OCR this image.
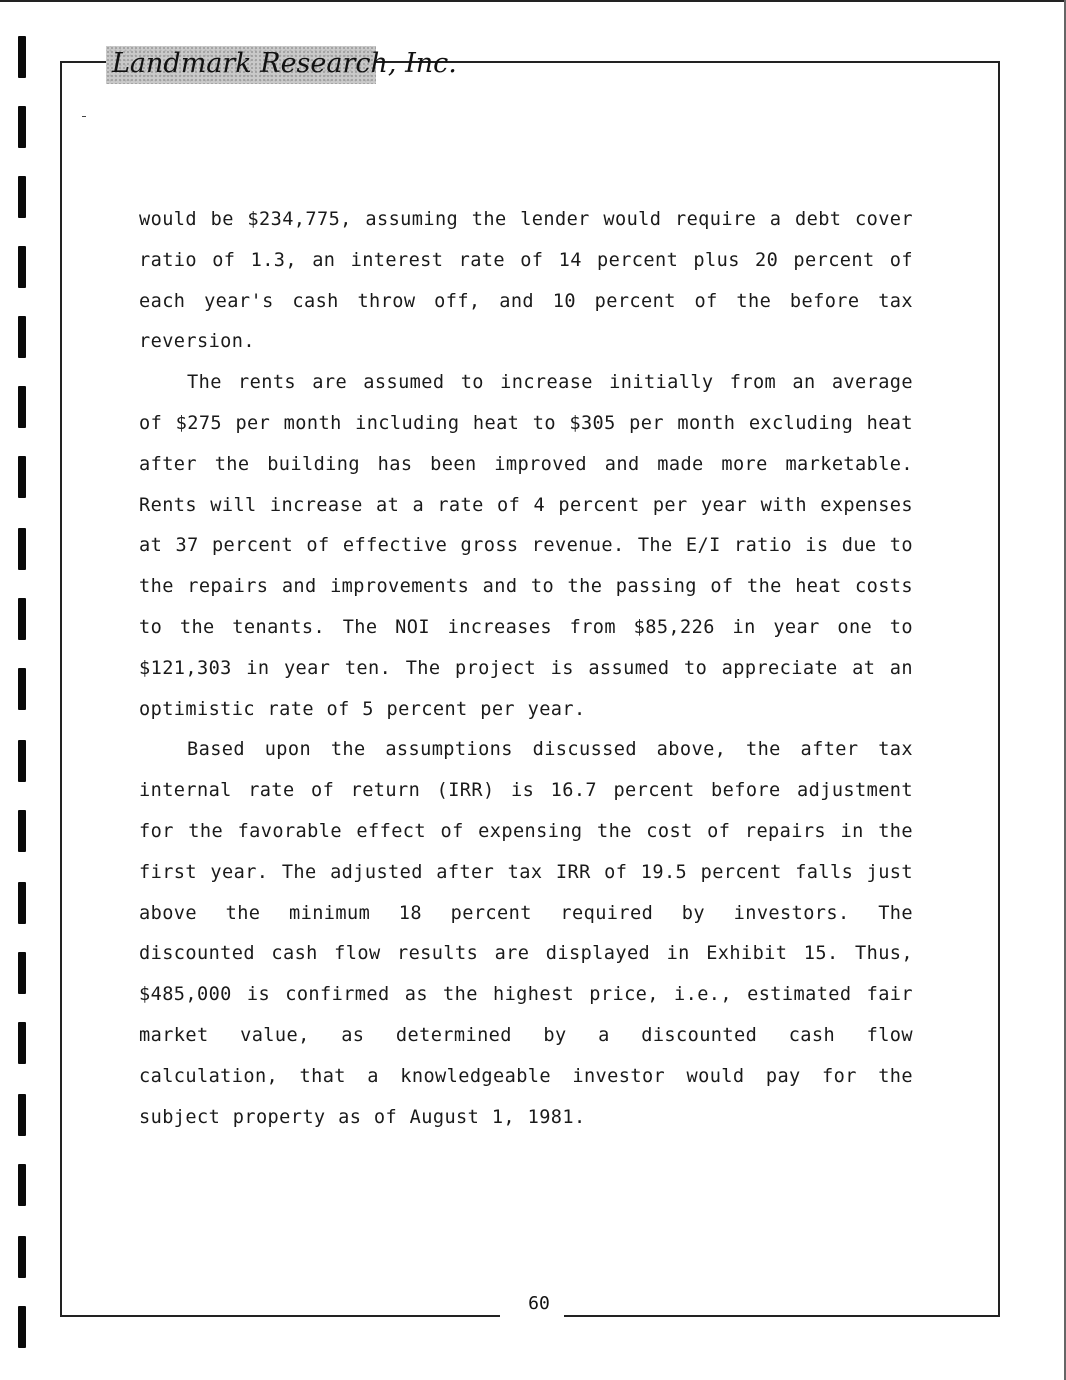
Landmark Research, Inc.

would be $234,775, assuming the lender would require a debt cover ratio of 1.3, an interest rate of 14 percent plus 20 percent of each year's cash throw off, and 10 percent of the before tax reversion.

The rents are assumed to increase initially from an average of $275 per month including heat to $305 per month excluding heat after the building has been improved and made more marketable. Rents will increase at a rate of 4 percent per year with expenses at 37 percent of effective gross revenue. The E/I ratio is due to the repairs and improvements and to the passing of the heat costs to the tenants. The NOI increases from $85,226 in year one to $121,303 in year ten. The project is assumed to appreciate at an optimistic rate of 5 percent per year.

Based upon the assumptions discussed above, the after tax internal rate of return (IRR) is 16.7 percent before adjustment for the favorable effect of expensing the cost of repairs in the first year. The adjusted after tax IRR of 19.5 percent falls just above the minimum 18 percent required by investors. The discounted cash flow results are displayed in Exhibit 15. Thus, $485,000 is confirmed as the highest price, i.e., estimated fair market value, as determined by a discounted cash flow calculation, that a knowledgeable investor would pay for the subject property as of August 1, 1981.

60
